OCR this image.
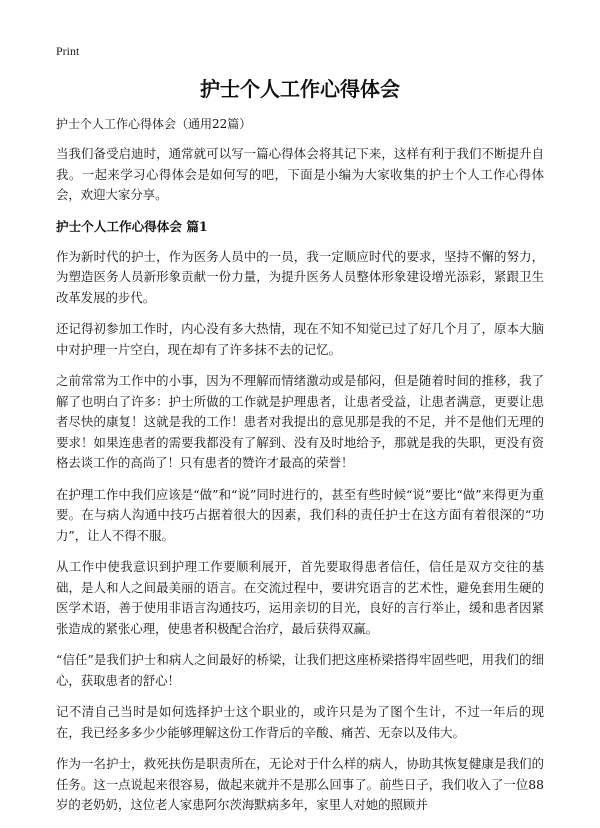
Print
护士个人工作心得体会

护士个人工作心得体会（通用22篇）

当我们备受启迪时，通常就可以写一篇心得体会将其记下来，这样有利于我们不断提升自我。一起来学习心得体会是如何写的吧，下面是小编为大家收集的护士个人工作心得体会，欢迎大家分享。

护士个人工作心得体会 篇1

作为新时代的护士，作为医务人员中的一员，我一定顺应时代的要求，坚持不懈的努力，为塑造医务人员新形象贡献一份力量，为提升医务人员整体形象建设增光添彩，紧跟卫生改革发展的步代。

还记得初参加工作时，内心没有多大热情，现在不知不知觉已过了好几个月了，原本大脑中对护理一片空白，现在却有了许多抹不去的记忆。

之前常常为工作中的小事，因为不理解而情绪激动或是郁闷，但是随着时间的推移，我了解了也明白了许多：护士所做的工作就是护理患者，让患者受益，让患者满意，更要让患者尽快的康复！这就是我的工作！患者对我提出的意见那是我的不足，并不是他们无理的要求！如果连患者的需要我都没有了解到、没有及时地给予，那就是我的失职，更没有资格去谈工作的高尚了！只有患者的赞许才最高的荣誉！

在护理工作中我们应该是“做”和“说”同时进行的，甚至有些时候“说”要比“做”来得更为重要。在与病人沟通中技巧占据着很大的因素，我们科的责任护士在这方面有着很深的“功力”，让人不得不服。

从工作中使我意识到护理工作要顺利展开，首先要取得患者信任，信任是双方交往的基础，是人和人之间最美丽的语言。在交流过程中，要讲究语言的艺术性，避免套用生硬的医学术语，善于使用非语言沟通技巧，运用亲切的目光，良好的言行举止，缓和患者因紧张造成的紧张心理，使患者积极配合治疗，最后获得双赢。

“信任”是我们护士和病人之间最好的桥梁，让我们把这座桥梁搭得牢固些吧，用我们的细心，获取患者的舒心！

记不清自己当时是如何选择护士这个职业的，或许只是为了图个生计，不过一年后的现在，我已经多多少少能够理解这份工作背后的辛酸、痛苦、无奈以及伟大。

作为一名护士，救死扶伤是职责所在，无论对于什么样的病人，协助其恢复健康是我们的任务。这一点说起来很容易，做起来就并不是那么回事了。前些日子，我们收入了一位88岁的老奶奶，这位老人家患阿尔茨海默病多年，家里人对她的照顾并
